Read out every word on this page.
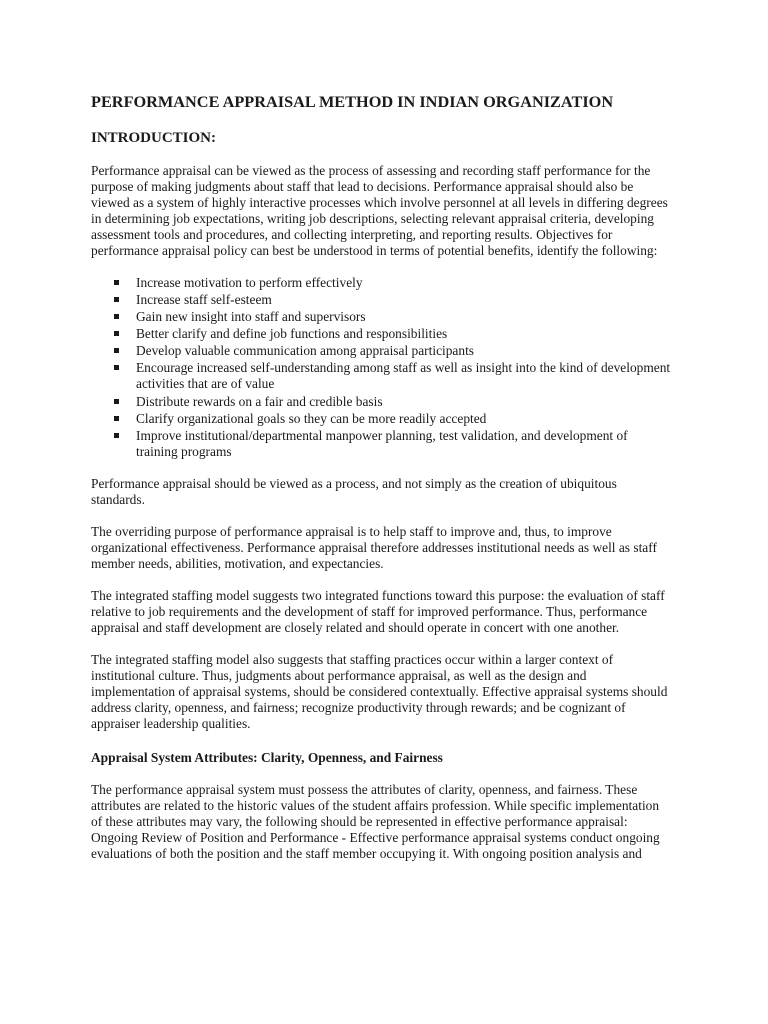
PERFORMANCE APPRAISAL METHOD IN INDIAN ORGANIZATION
INTRODUCTION:

Performance appraisal can be viewed as the process of assessing and recording staff performance for the purpose of making judgments about staff that lead to decisions. Performance appraisal should also be viewed as a system of highly interactive processes which involve personnel at all levels in differing degrees in determining job expectations, writing job descriptions, selecting relevant appraisal criteria, developing assessment tools and procedures, and collecting interpreting, and reporting results. Objectives for performance appraisal policy can best be understood in terms of potential benefits, identify the following:

Increase motivation to perform effectively
Increase staff self-esteem
Gain new insight into staff and supervisors
Better clarify and define job functions and responsibilities
Develop valuable communication among appraisal participants
Encourage increased self-understanding among staff as well as insight into the kind of development activities that are of value
Distribute rewards on a fair and credible basis
Clarify organizational goals so they can be more readily accepted
Improve institutional/departmental manpower planning, test validation, and development of training programs

Performance appraisal should be viewed as a process, and not simply as the creation of ubiquitous standards.

The overriding purpose of performance appraisal is to help staff to improve and, thus, to improve organizational effectiveness. Performance appraisal therefore addresses institutional needs as well as staff member needs, abilities, motivation, and expectancies.

The integrated staffing model suggests two integrated functions toward this purpose: the evaluation of staff relative to job requirements and the development of staff for improved performance. Thus, performance appraisal and staff development are closely related and should operate in concert with one another.

The integrated staffing model also suggests that staffing practices occur within a larger context of institutional culture. Thus, judgments about performance appraisal, as well as the design and implementation of appraisal systems, should be considered contextually. Effective appraisal systems should address clarity, openness, and fairness; recognize productivity through rewards; and be cognizant of appraiser leadership qualities.

Appraisal System Attributes: Clarity, Openness, and Fairness

The performance appraisal system must possess the attributes of clarity, openness, and fairness. These attributes are related to the historic values of the student affairs profession. While specific implementation of these attributes may vary, the following should be represented in effective performance appraisal: Ongoing Review of Position and Performance - Effective performance appraisal systems conduct ongoing evaluations of both the position and the staff member occupying it. With ongoing position analysis and
